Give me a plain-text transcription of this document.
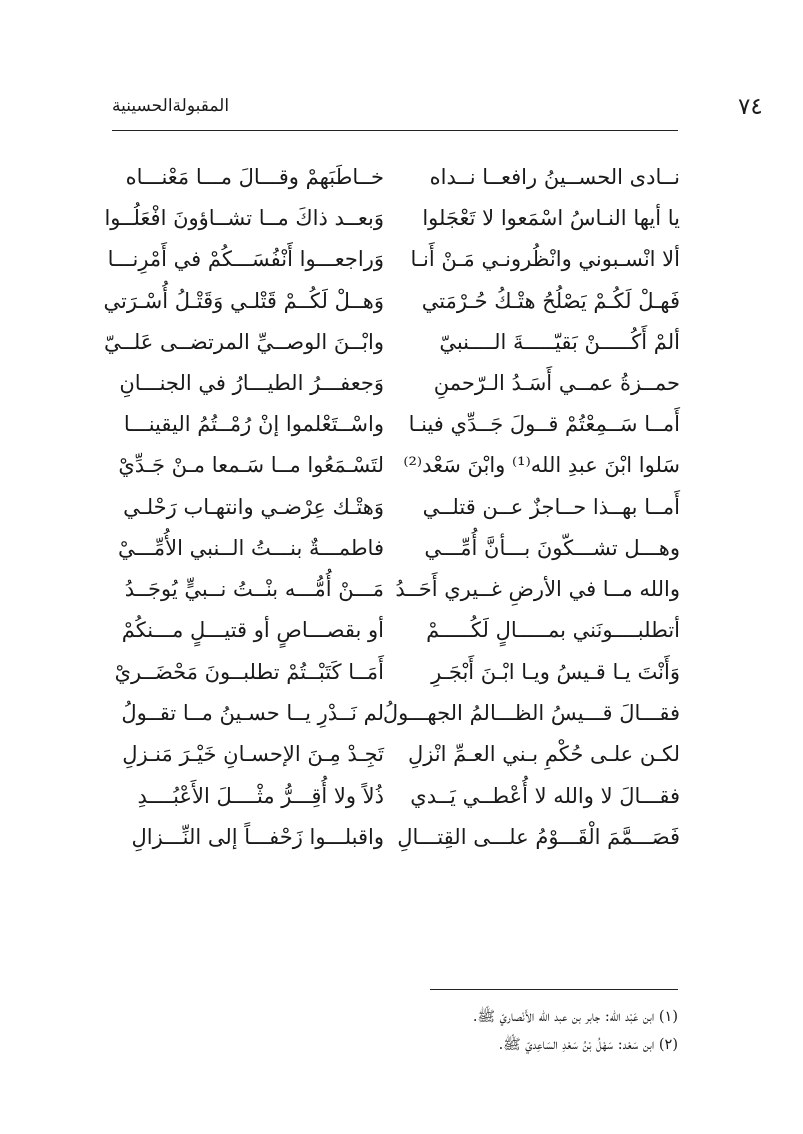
٧٤
المقبولةالحسينية
نــادى الحســينُ رافعــا نــداه
خــاطَبَهمْ وقـــالَ مـــا مَعْنـــاه
يا أيها النـاسُ اسْمَعوا لا تَعْجَلوا
وَبعــد ذاكَ مــا تشــاؤونَ افْعَلُــوا
ألا انْسـبوني وانْظُرونـي مَـنْ أَنـا
وَراجعـــوا أَنْفُسَـــكُمْ في أَمْرِنـــا
فَهـلْ لَكُـمْ يَصْلُحُ هتْـكُ حُـرْمَتي
وَهــلْ لَكُــمْ قَتْلـي وَقَتْـلُ أُسْـرَتي
ألمْ أَكُـــــنْ بَقيّـــــةَ الــــنبيّ
وابْــنَ الوصــيِّ المرتضــى عَلــيّ
حمــزةُ عمــي أَسَـدُ الـرّحمنِ
وَجعفـــرُ الطيـــارُ في الجنـــانِ
أَمــا سَــمِعْتُمْ قــولَ جَــدِّي فينـا
واسْــتَعْلموا إنْ رُمْــتُمُ اليقينـــا
سَلوا ابْنَ عبدِ الله⁽¹⁾ وابْنَ سَعْد⁽²⁾
لتَسْـمَعُوا مــا سَـمعا مـنْ جَـدِّيْ
أَمــا بهــذا حــاجزٌ عــن قتلــي
وَهتْـك عِرْضـي وانتهـاب رَحْلـي
وهـــل تشـــكّونَ بـــأنَّ أُمِّـــي
فاطمـــةٌ بنـــتُ الــنبي الأُمِّـــيْ
والله مــا في الأرضِ غــيري أَحَــدُ
مَـــنْ أُمُّـــه بنْــتُ نــبيٍّ يُوجَــدُ
أتطلبــــونَني بمـــــالٍ لَكُـــــمْ
أو بقصـــاصٍ أو قتيـــلٍ مـــنكُمْ
وَأَنْتَ يـا قـيسُ ويـا ابْـنَ أَبْجَـرِ
أَمَــا كَتَبْــتُمْ تطلبــونَ مَحْضَــريْ
فقـــالَ قـــيسُ الظـــالمُ الجهـــولُ
لم نَــدْرِ يــا حسـينُ مــا تقــولُ
لكـن علـى حُكْمِ بـني العـمِّ انْزلِ
تَجِـدْ مِـنَ الإحسـانِ خَيْـرَ مَنـزلِ
فقـــالَ لا والله لا أُعْطــي يَــدي
ذُلاً ولا أُقِـــرُّ مثْــــلَ الأَعْبُــــدِ
فَصَـــمَّمَ الْقَـــوْمُ علـــى القِتـــالِ
واقبلـــوا زَحْفـــاً إلى النِّـــزالِ
(١) ابن عَبْد الله: جابر بن عبد الله الأَنْصاريّ ﷺ.
(٢) ابن سَعْد: سَهْلُ بْنُ سَعْدِ السَاعِديّ ﷺ.
